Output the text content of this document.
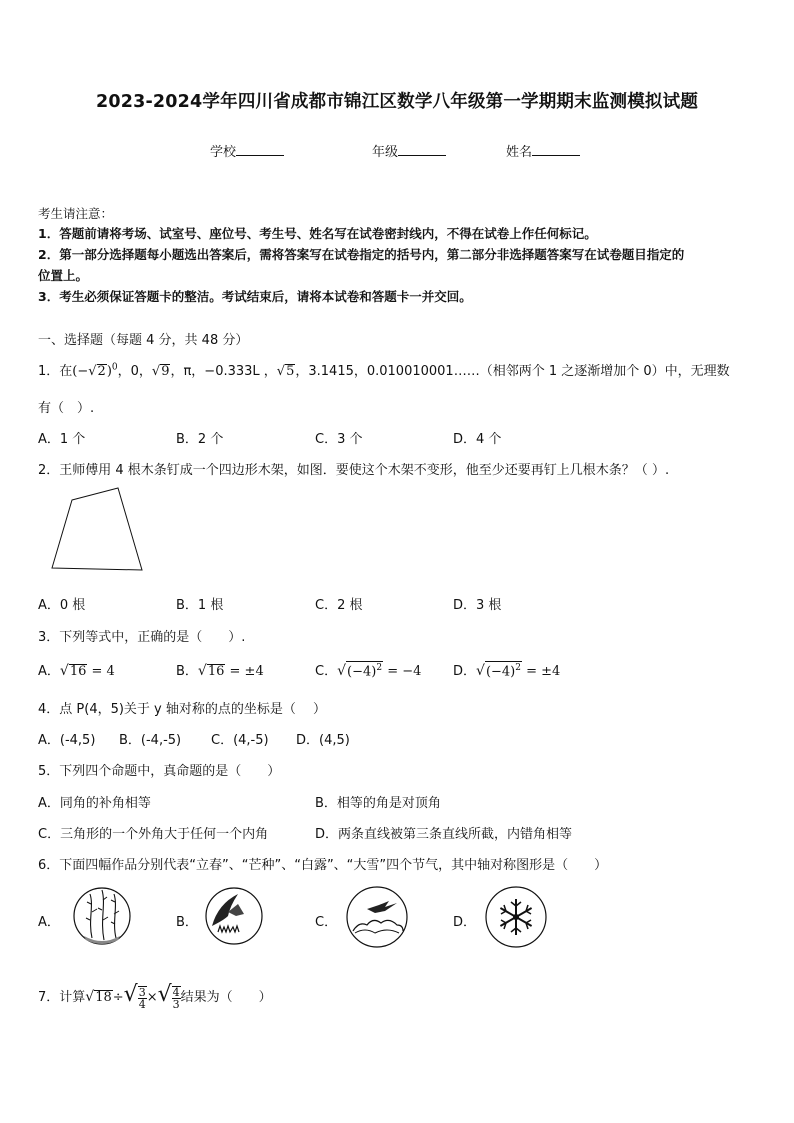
2023-2024学年四川省成都市锦江区数学八年级第一学期期末监测模拟试题
学校	年级	姓名
考生请注意：
1．答题前请将考场、试室号、座位号、考生号、姓名写在试卷密封线内，不得在试卷上作任何标记。
2．第一部分选择题每小题选出答案后，需将答案写在试卷指定的括号内，第二部分非选择题答案写在试卷题目指定的
位置上。
3．考生必须保证答题卡的整洁。考试结束后，请将本试卷和答题卡一并交回。
一、选择题（每题 4 分，共 48 分）
1．在$(-√2)^0$，0，√9，π，−0.333L ，√5，3.1415，0.010010001……（相邻两个 1 之逐渐增加个 0）中，无理数
有（　）.
A．1 个	B．2 个	C．3 个	D．4 个
2．王师傅用 4 根木条钉成一个四边形木架，如图．要使这个木架不变形，他至少还要再钉上几根木条？（ ）.
A．0 根	B．1 根	C．2 根	D．3 根
3．下列等式中，正确的是（　　）.
A．√16 = 4	B．√16 = ±4	C．$√(-4)^2 = -4$ D．$√(-4)^2 = \pm 4$
4．点 P(4，5)关于 y 轴对称的点的坐标是（　 ）
A．(-4,5) B．(-4,-5) C．(4,-5) D．(4,5)
5．下列四个命题中，真命题的是（　　）
A．同角的补角相等	B．相等的角是对顶角
C．三角形的一个外角大于任何一个内角	D．两条直线被第三条直线所截，内错角相等
6．下面四幅作品分别代表“立春”、“芒种”、“白露”、“大雪”四个节气，其中轴对称图形是（　　）
A．	B．	C．	D．
7．计算$√18\div√ \frac{3}{4}$ ×√ $\frac{4}{3}$ 结果为（　　）
